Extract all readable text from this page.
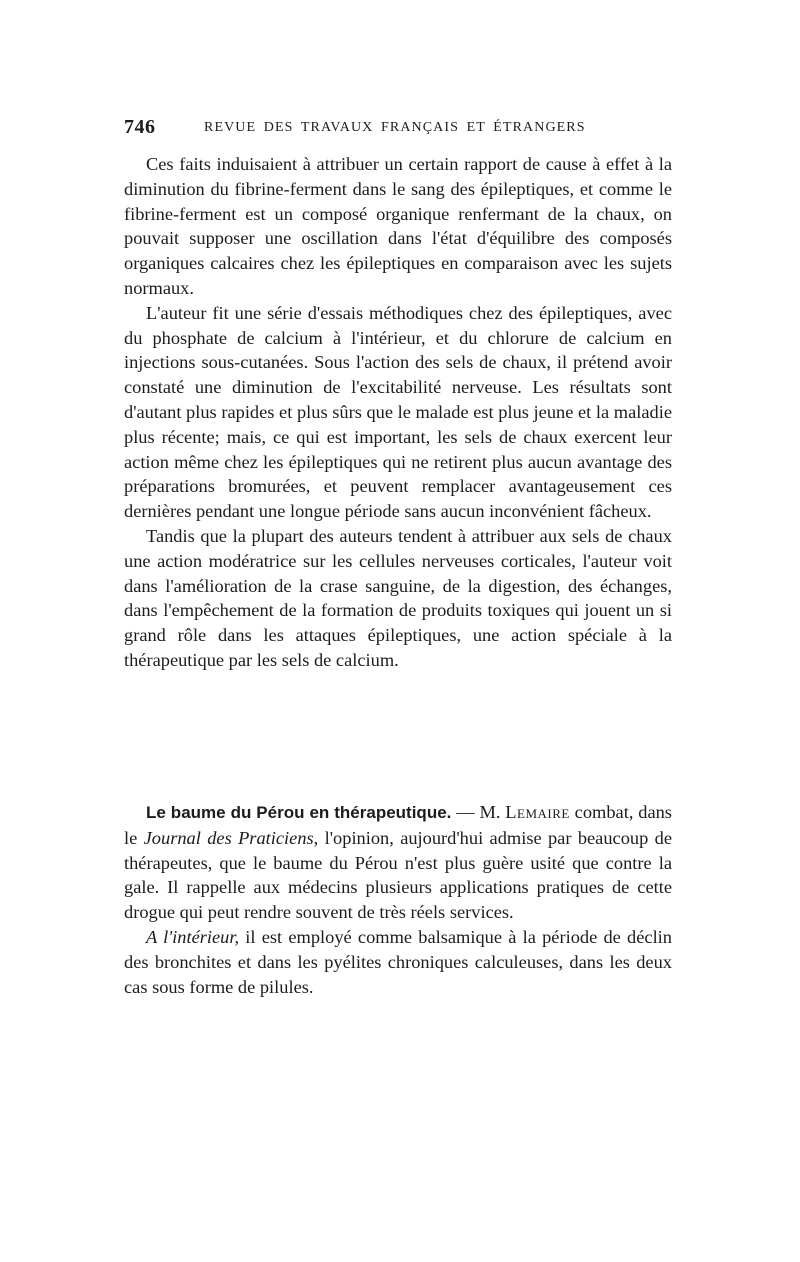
746	REVUE DES TRAVAUX FRANÇAIS ET ÉTRANGERS

Ces faits induisaient à attribuer un certain rapport de cause à effet à la diminution du fibrine-ferment dans le sang des épileptiques, et comme le fibrine-ferment est un composé organique renfermant de la chaux, on pouvait supposer une oscillation dans l'état d'équilibre des composés organiques calcaires chez les épileptiques en comparaison avec les sujets normaux.

L'auteur fit une série d'essais méthodiques chez des épileptiques, avec du phosphate de calcium à l'intérieur, et du chlorure de calcium en injections sous-cutanées. Sous l'action des sels de chaux, il prétend avoir constaté une diminution de l'excitabilité nerveuse. Les résultats sont d'autant plus rapides et plus sûrs que le malade est plus jeune et la maladie plus récente; mais, ce qui est important, les sels de chaux exercent leur action même chez les épileptiques qui ne retirent plus aucun avantage des préparations bromurées, et peuvent remplacer avantageusement ces dernières pendant une longue période sans aucun inconvénient fâcheux.

Tandis que la plupart des auteurs tendent à attribuer aux sels de chaux une action modératrice sur les cellules nerveuses corticales, l'auteur voit dans l'amélioration de la crase sanguine, de la digestion, des échanges, dans l'empêchement de la formation de produits toxiques qui jouent un si grand rôle dans les attaques épileptiques, une action spéciale à la thérapeutique par les sels de calcium.

Le baume du Pérou en thérapeutique. — M. Lemaire combat, dans le Journal des Praticiens, l'opinion, aujourd'hui admise par beaucoup de thérapeutes, que le baume du Pérou n'est plus guère usité que contre la gale. Il rappelle aux médecins plusieurs applications pratiques de cette drogue qui peut rendre souvent de très réels services.

A l'intérieur, il est employé comme balsamique à la période de déclin des bronchites et dans les pyélites chroniques calculeuses, dans les deux cas sous forme de pilules.
